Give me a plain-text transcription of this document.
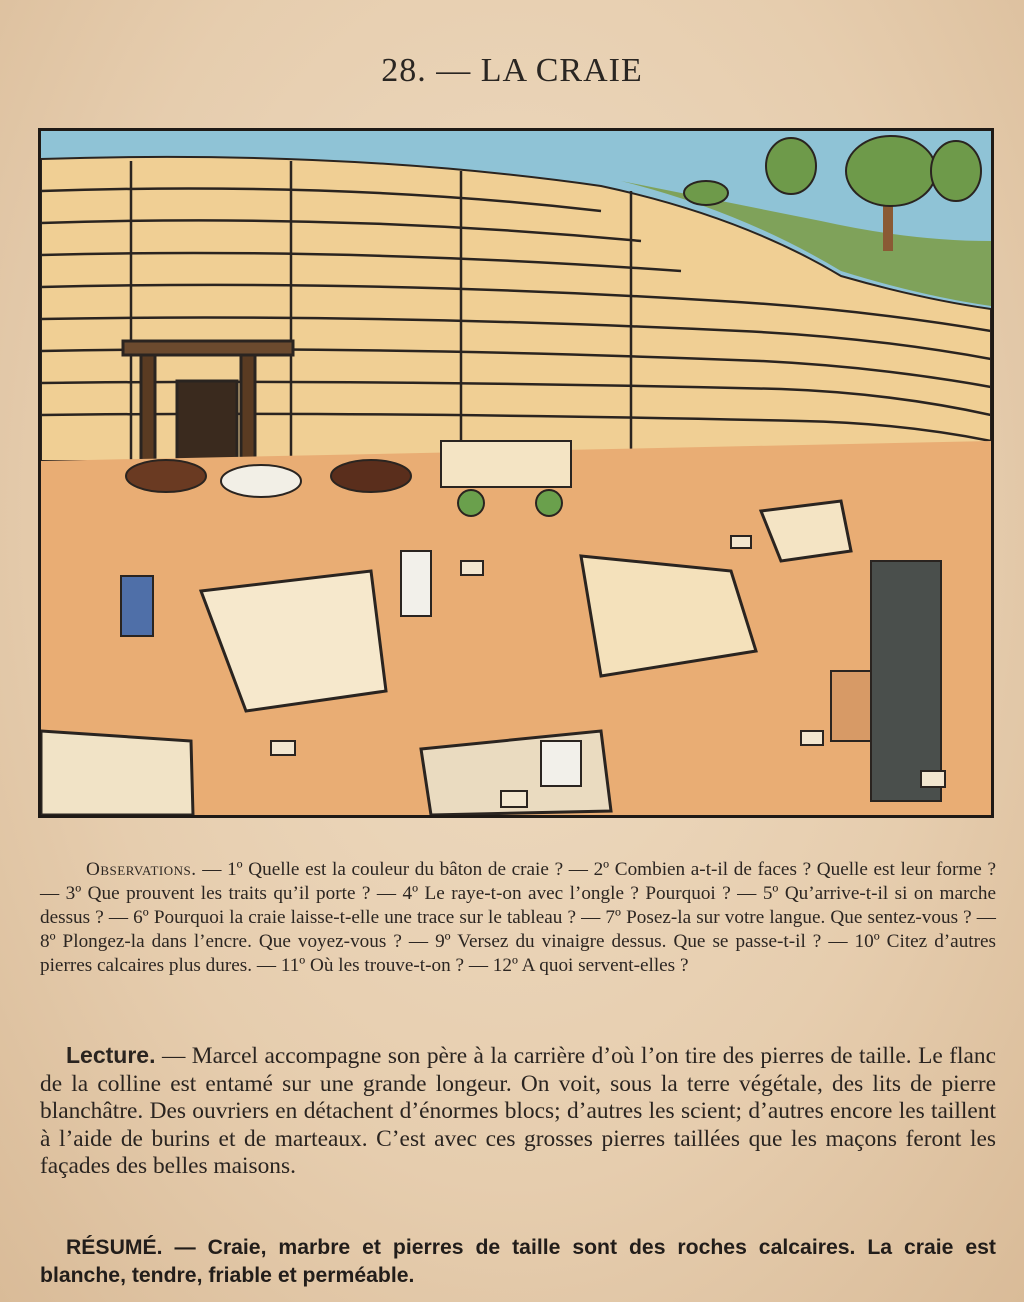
28. — LA CRAIE
Observations. — 1º Quelle est la couleur du bâton de craie ? — 2º Combien a-t-il de faces ? Quelle est leur forme ? — 3º Que prouvent les traits qu’il porte ? — 4º Le raye-t-on avec l’ongle ? Pourquoi ? — 5º Qu’arrive-t-il si on marche dessus ? — 6º Pourquoi la craie laisse-t-elle une trace sur le tableau ? — 7º Posez-la sur votre langue. Que sentez-vous ? — 8º Plongez-la dans l’encre. Que voyez-vous ? — 9º Versez du vinaigre dessus. Que se passe-t-il ? — 10º Citez d’autres pierres calcaires plus dures. — 11º Où les trouve-t-on ? — 12º A quoi servent-elles ?
Lecture. — Marcel accompagne son père à la carrière d’où l’on tire des pierres de taille. Le flanc de la colline est entamé sur une grande longeur. On voit, sous la terre végétale, des lits de pierre blanchâtre. Des ouvriers en détachent d’énormes blocs; d’autres les scient; d’autres encore les taillent à l’aide de burins et de marteaux. C’est avec ces grosses pierres taillées que les maçons feront les façades des belles maisons.
RÉSUMÉ. — Craie, marbre et pierres de taille sont des roches calcaires. La craie est blanche, tendre, friable et perméable.
